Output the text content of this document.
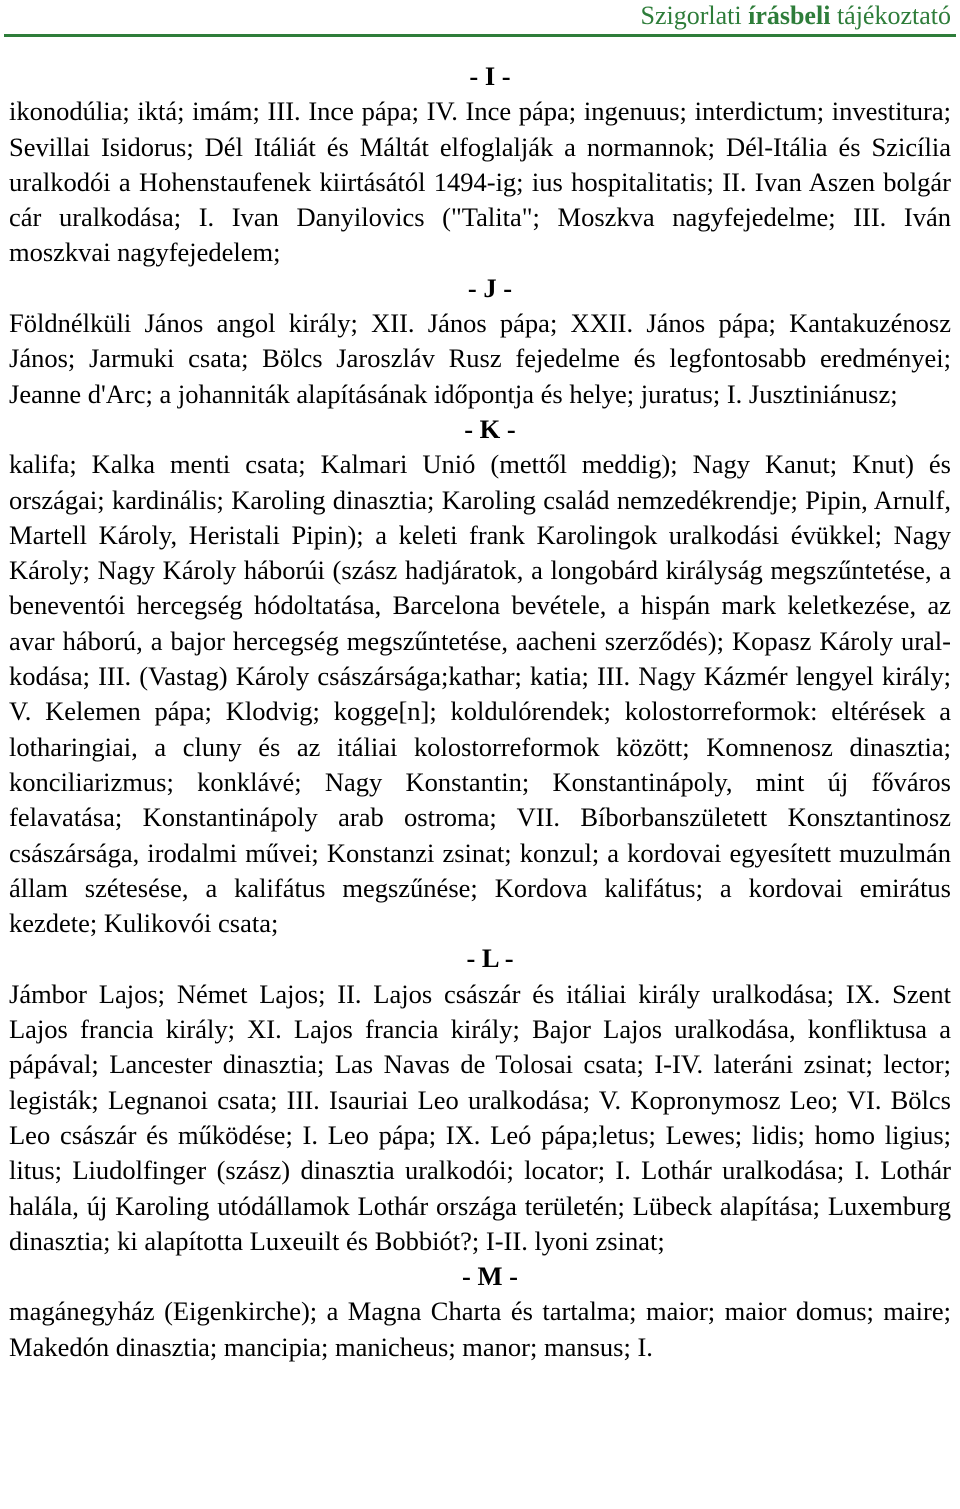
Szigorlati írásbeli tájékoztató
- I -

ikonodúlia; iktá; imám; III. Ince pápa; IV. Ince pápa; ingenuus; interdictum; investitura; Sevillai Isidorus; Dél Itáliát és Máltát elfoglalják a normannok; Dél-Itália és Szicília uralkodói a Hohenstaufenek kiirtásától 1494-ig; ius hospitalitatis; II. Ivan Aszen bolgár cár uralkodása; I. Ivan Danyilovics ("Talita"; Moszkva nagyfejedelme; III. Iván moszkvai nagyfejedelem;

- J -

Földnélküli János angol király; XII. János pápa; XXII. János pápa; Kantakuzénosz János; Jarmuki csata; Bölcs Jaroszláv Rusz fejedelme és legfontosabb eredményei; Jeanne d'Arc; a johanniták alapításának időpontja és helye; juratus; I. Jusztiniánusz;

- K -

kalifa; Kalka menti csata; Kalmari Unió (mettől meddig); Nagy Kanut; Knut) és országai; kardinális; Karoling dinasztia; Karoling család nemzedékrendje; Pipin, Arnulf, Martell Károly, Heristali Pipin); a keleti frank Karolingok uralkodási évükkel; Nagy Károly; Nagy Károly háborúi (szász hadjáratok, a longobárd királyság megszűntetése, a beneventói hercegség hódoltatása, Barcelona bevétele, a hispán mark keletkezése, az avar háború, a bajor hercegség megszűntetése, aacheni szerződés); Kopasz Károly uralkodása; III. (Vastag) Károly császársága;kathar; katia; III. Nagy Kázmér lengyel király; V. Kelemen pápa; Klodvig; kogge[n]; koldulórendek; kolostorreformok: eltérések a lotharingiai, a cluny és az itáliai kolostorreformok között; Komnenosz dinasztia; konciliarizmus; konklávé; Nagy Konstantin; Konstantinápoly, mint új főváros felavatása; Konstantinápoly arab ostroma; VII. Bíborbanszületett Konsztantinosz császársága, irodalmi művei; Konstanzi zsinat; konzul; a kordovai egyesített muzulmán állam szétesése, a kalifátus megszűnése; Kordova kalifátus; a kordovai emirátus kezdete; Kulikovói csata;

- L -

Jámbor Lajos; Német Lajos; II. Lajos császár és itáliai király uralkodása; IX. Szent Lajos francia király; XI. Lajos francia király; Bajor Lajos uralkodása, konfliktusa a pápával; Lancester dinasztia; Las Navas de Tolosai csata; I-IV. lateráni zsinat; lector; legisták; Legnanoi csata; III. Isauriai Leo uralkodása; V. Kopronymosz Leo; VI. Bölcs Leo császár és működése; I. Leo pápa; IX. Leó pápa;letus; Lewes; lidis; homo ligius; litus; Liudolfinger (szász) dinasztia uralkodói; locator; I. Lothár uralkodása; I. Lothár halála, új Karoling utódállamok Lothár országa területén; Lübeck alapítása; Luxemburg dinasztia; ki alapította Luxeuilt és Bobbiót?; I-II. lyoni zsinat;

- M -

magánegyház (Eigenkirche); a Magna Charta és tartalma; maior; maior domus; maire; Makedón dinasztia; mancipia; manicheus; manor; mansus; I.
